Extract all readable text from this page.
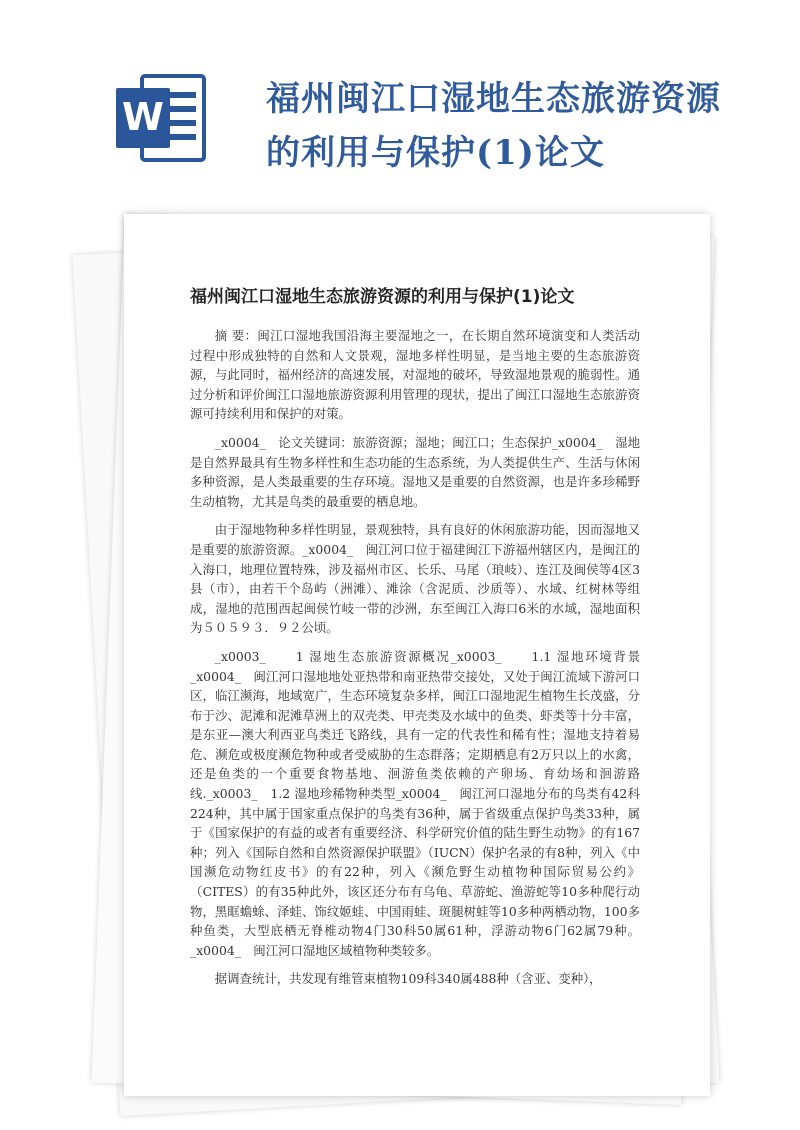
W	福州闽江口湿地生态旅游资源
的利用与保护(1)论文
福州闽江口湿地生态旅游资源的利用与保护(1)论文

摘 要：闽江口湿地我国沿海主要湿地之一，在长期自然环境演变和人类活动过程中形成独特的自然和人文景观，湿地多样性明显，是当地主要的生态旅游资源，与此同时，福州经济的高速发展，对湿地的破坏，导致湿地景观的脆弱性。通过分析和评价闽江口湿地旅游资源利用管理的现状，提出了闽江口湿地生态旅游资源可持续利用和保护的对策。

_x0004_　论文关键词：旅游资源；湿地；闽江口；生态保护_x0004_　湿地是自然界最具有生物多样性和生态功能的生态系统，为人类提供生产、生活与休闲多种资源，是人类最重要的生存环境。湿地又是重要的自然资源，也是许多珍稀野生动植物，尤其是鸟类的最重要的栖息地。

由于湿地物种多样性明显，景观独特，具有良好的休闲旅游功能，因而湿地又是重要的旅游资源。_x0004_　闽江河口位于福建闽江下游福州辖区内，是闽江的入海口，地理位置特殊，涉及福州市区、长乐、马尾（琅岐）、连江及闽侯等4区3县（市），由若干个岛屿（洲滩）、滩涂（含泥质、沙质等）、水域、红树林等组成，湿地的范围西起闽侯竹岐一带的沙洲，东至闽江入海口6米的水域，湿地面积为５０５９３．９２公顷。

_x0003_　　1 湿地生态旅游资源概况_x0003_　　1.1 湿地环境背景_x0004_　闽江河口湿地地处亚热带和南亚热带交接处，又处于闽江流域下游河口区，临江濒海，地域宽广，生态环境复杂多样，闽江口湿地泥生植物生长茂盛，分布于沙、泥滩和泥滩草洲上的双壳类、甲壳类及水域中的鱼类、虾类等十分丰富，是东亚—澳大利西亚鸟类迁飞路线，具有一定的代表性和稀有性；湿地支持着易危、濒危或极度濒危物种或者受威胁的生态群落；定期栖息有2万只以上的水禽，还是鱼类的一个重要食物基地、洄游鱼类依赖的产卵场、育幼场和洄游路线._x0003_　1.2 湿地珍稀物种类型_x0004_　闽江河口湿地分布的鸟类有42科224种，其中属于国家重点保护的鸟类有36种，属于省级重点保护鸟类33种，属于《国家保护的有益的或者有重要经济、科学研究价值的陆生野生动物》的有167种；列入《国际自然和自然资源保护联盟》（IUCN）保护名录的有8种，列入《中国濒危动物红皮书》的有22种，列入《濒危野生动植物种国际贸易公约》（CITES）的有35种此外，该区还分布有乌龟、草游蛇、渔游蛇等10多种爬行动物，黑眶蟾蜍、泽蛙、饰纹姬蛙、中国雨蛙、斑腿树蛙等10多种两栖动物，100多种鱼类，大型底栖无脊椎动物4门30科50属61种，浮游动物6门62属79种。_x0004_　闽江河口湿地区域植物种类较多。

据调查统计，共发现有维管束植物109科340属488种（含亚、变种），
